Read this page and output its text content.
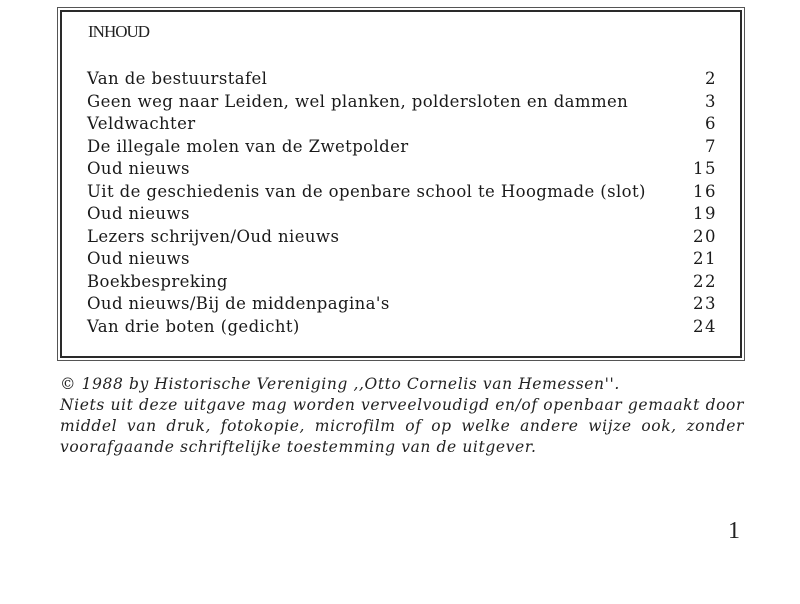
INHOUD
Van de bestuurstafel	2
Geen weg naar Leiden, wel planken, poldersloten en dammen	3
Veldwachter	6
De illegale molen van de Zwetpolder	7
Oud nieuws	15
Uit de geschiedenis van de openbare school te Hoogmade (slot)	16
Oud nieuws	19
Lezers schrijven/Oud nieuws	20
Oud nieuws	21
Boekbespreking	22
Oud nieuws/Bij de middenpagina's	23
Van drie boten (gedicht)	24

© 1988 by Historische Vereniging ,,Otto Cornelis van Hemessen''.

Niets uit deze uitgave mag worden verveelvoudigd en/of openbaar gemaakt door middel van druk, fotokopie, microfilm of op welke andere wijze ook, zonder voorafgaande schriftelijke toestemming van de uitgever.

1
